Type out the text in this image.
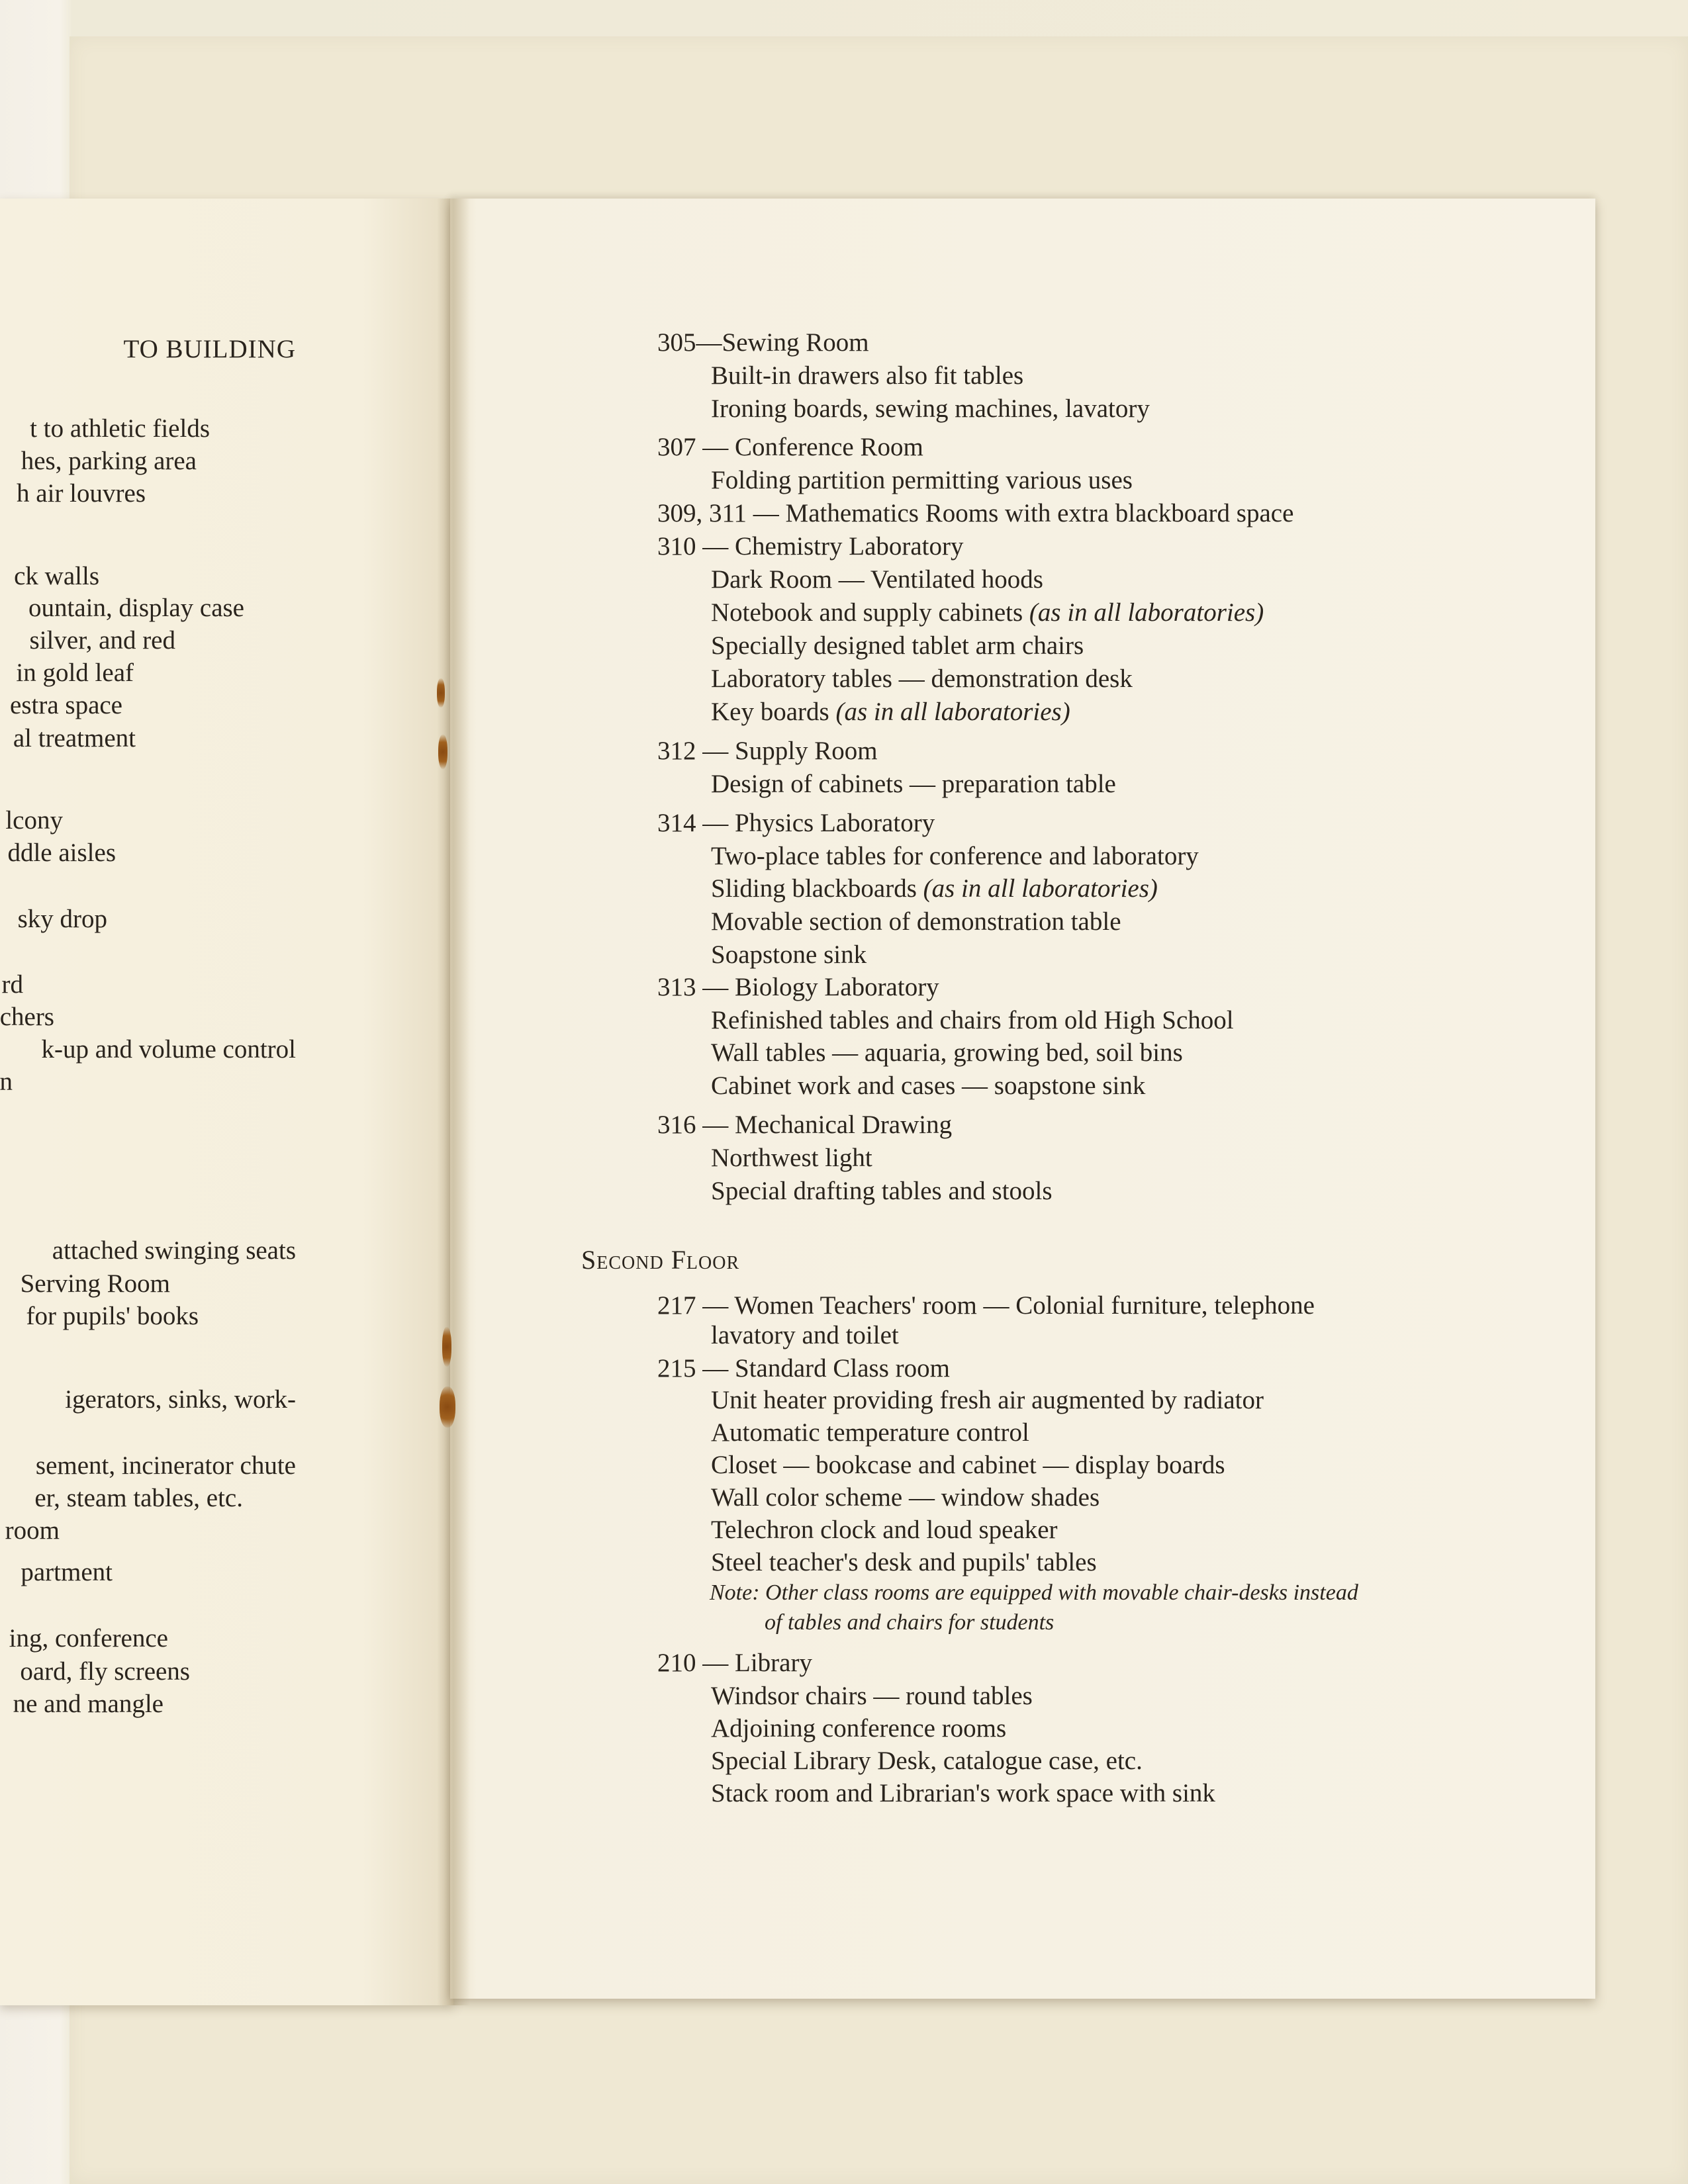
TO BUILDING
t to athletic fields
hes, parking area
h air louvres
ck walls
ountain, display case
silver, and red
in gold leaf
estra space
al treatment
lcony
ddle aisles
sky drop
rd
chers
k-up and volume control
n
attached swinging seats
Serving Room
for pupils' books
igerators, sinks, work-
sement, incinerator chute
er, steam tables, etc.
room
partment
ing, conference
oard, fly screens
ne and mangle
305—Sewing Room
Built-in drawers also fit tables
Ironing boards, sewing machines, lavatory
307 — Conference Room
Folding partition permitting various uses
309, 311 — Mathematics Rooms with extra blackboard space
310 — Chemistry Laboratory
Dark Room — Ventilated hoods
Notebook and supply cabinets (as in all laboratories)
Specially designed tablet arm chairs
Laboratory tables — demonstration desk
Key boards (as in all laboratories)
312 — Supply Room
Design of cabinets — preparation table
314 — Physics Laboratory
Two-place tables for conference and laboratory
Sliding blackboards (as in all laboratories)
Movable section of demonstration table
Soapstone sink
313 — Biology Laboratory
Refinished tables and chairs from old High School
Wall tables — aquaria, growing bed, soil bins
Cabinet work and cases — soapstone sink
316 — Mechanical Drawing
Northwest light
Special drafting tables and stools
Second Floor
217 — Women Teachers' room — Colonial furniture, telephone
lavatory and toilet
215 — Standard Class room
Unit heater providing fresh air augmented by radiator
Automatic temperature control
Closet — bookcase and cabinet — display boards
Wall color scheme — window shades
Telechron clock and loud speaker
Steel teacher's desk and pupils' tables
Note: Other class rooms are equipped with movable chair-desks instead
of tables and chairs for students
210 — Library
Windsor chairs — round tables
Adjoining conference rooms
Special Library Desk, catalogue case, etc.
Stack room and Librarian's work space with sink
